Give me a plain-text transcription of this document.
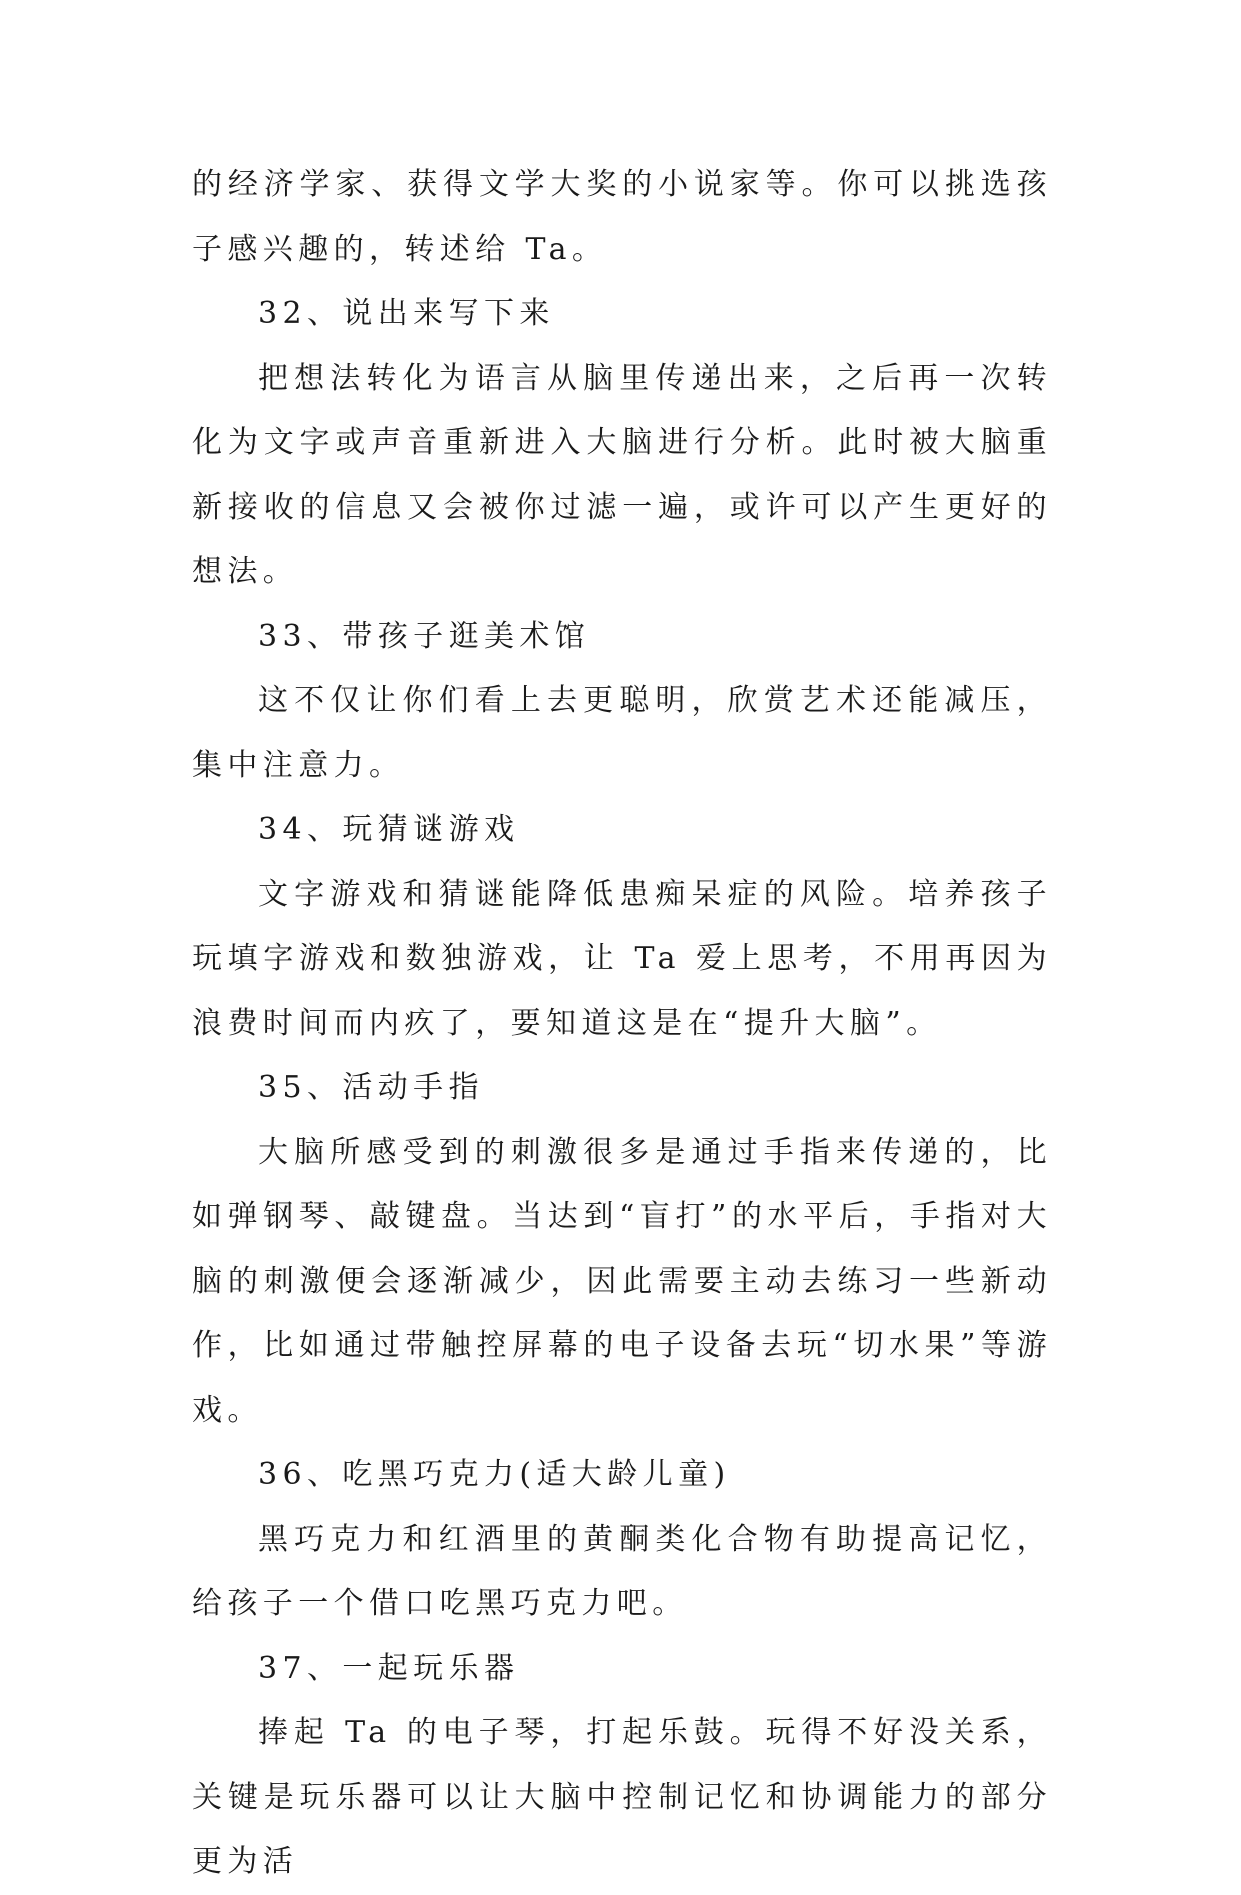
的经济学家、获得文学大奖的小说家等。你可以挑选孩子感兴趣的，转述给 Ta。

32、说出来写下来

把想法转化为语言从脑里传递出来，之后再一次转化为文字或声音重新进入大脑进行分析。此时被大脑重新接收的信息又会被你过滤一遍，或许可以产生更好的想法。

33、带孩子逛美术馆

这不仅让你们看上去更聪明，欣赏艺术还能减压，集中注意力。

34、玩猜谜游戏

文字游戏和猜谜能降低患痴呆症的风险。培养孩子玩填字游戏和数独游戏，让 Ta 爱上思考，不用再因为浪费时间而内疚了，要知道这是在“提升大脑”。

35、活动手指

大脑所感受到的刺激很多是通过手指来传递的，比如弹钢琴、敲键盘。当达到“盲打”的水平后，手指对大脑的刺激便会逐渐减少，因此需要主动去练习一些新动作，比如通过带触控屏幕的电子设备去玩“切水果”等游戏。

36、吃黑巧克力(适大龄儿童)

黑巧克力和红酒里的黄酮类化合物有助提高记忆，给孩子一个借口吃黑巧克力吧。

37、一起玩乐器

捧起 Ta 的电子琴，打起乐鼓。玩得不好没关系，关键是玩乐器可以让大脑中控制记忆和协调能力的部分更为活
